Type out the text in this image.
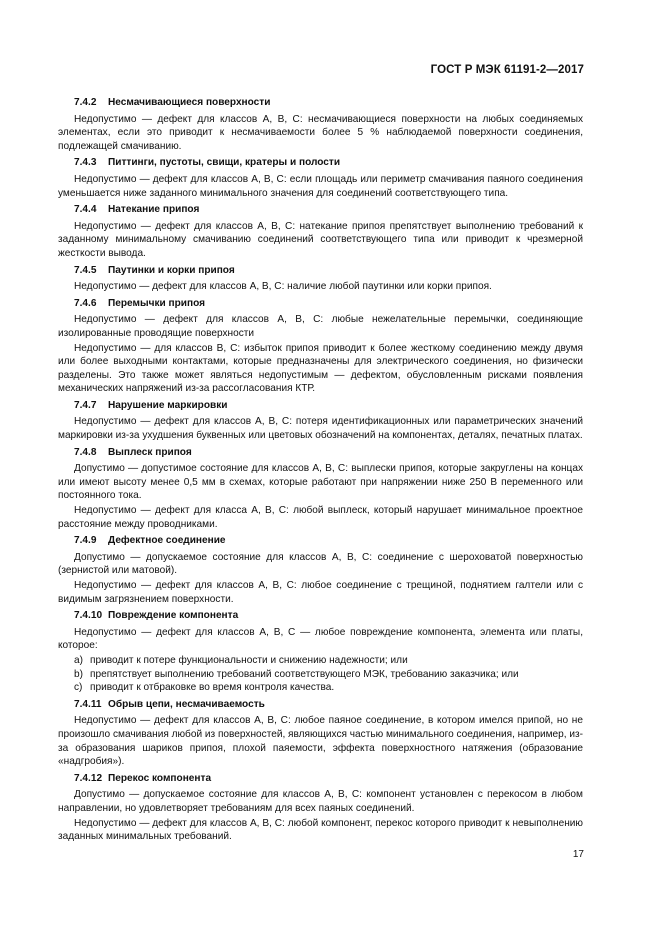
ГОСТ Р МЭК 61191-2—2017
7.4.2 Несмачивающиеся поверхности
Недопустимо — дефект для классов А, В, С: несмачивающиеся поверхности на любых соединяемых элементах, если это приводит к несмачиваемости более 5 % наблюдаемой поверхности соединения, подлежащей смачиванию.
7.4.3 Питтинги, пустоты, свищи, кратеры и полости
Недопустимо — дефект для классов А, В, С: если площадь или периметр смачивания паяного соединения уменьшается ниже заданного минимального значения для соединений соответствующего типа.
7.4.4 Натекание припоя
Недопустимо — дефект для классов А, В, С: натекание припоя препятствует выполнению требований к заданному минимальному смачиванию соединений соответствующего типа или приводит к чрезмерной жесткости вывода.
7.4.5 Паутинки и корки припоя
Недопустимо — дефект для классов А, В, С: наличие любой паутинки или корки припоя.
7.4.6 Перемычки припоя
Недопустимо — дефект для классов А, В, С: любые нежелательные перемычки, соединяющие изолированные проводящие поверхности
Недопустимо — для классов В, С: избыток припоя приводит к более жесткому соединению между двумя или более выходными контактами, которые предназначены для электрического соединения, но физически разделены. Это также может являться недопустимым — дефектом, обусловленным рисками появления механических напряжений из-за рассогласования КТР.
7.4.7 Нарушение маркировки
Недопустимо — дефект для классов А, В, С: потеря идентификационных или параметрических значений маркировки из-за ухудшения буквенных или цветовых обозначений на компонентах, деталях, печатных платах.
7.4.8 Выплеск припоя
Допустимо — допустимое состояние для классов А, В, С: выплески припоя, которые закруглены на концах или имеют высоту менее 0,5 мм в схемах, которые работают при напряжении ниже 250 В переменного или постоянного тока.
Недопустимо — дефект для класса А, В, С: любой выплеск, который нарушает минимальное проектное расстояние между проводниками.
7.4.9 Дефектное соединение
Допустимо — допускаемое состояние для классов А, В, С: соединение с шероховатой поверхностью (зернистой или матовой).
Недопустимо — дефект для классов А, В, С: любое соединение с трещиной, поднятием галтели или с видимым загрязнением поверхности.
7.4.10 Повреждение компонента
Недопустимо — дефект для классов А, В, С — любое повреждение компонента, элемента или платы, которое:
a) приводит к потере функциональности и снижению надежности; или
b) препятствует выполнению требований соответствующего МЭК, требованию заказчика; или
c) приводит к отбраковке во время контроля качества.
7.4.11 Обрыв цепи, несмачиваемость
Недопустимо — дефект для классов А, В, С: любое паяное соединение, в котором имелся припой, но не произошло смачивания любой из поверхностей, являющихся частью минимального соединения, например, из-за образования шариков припоя, плохой паяемости, эффекта поверхностного натяжения (образование «надгробия»).
7.4.12 Перекос компонента
Допустимо — допускаемое состояние для классов А, В, С: компонент установлен с перекосом в любом направлении, но удовлетворяет требованиям для всех паяных соединений.
Недопустимо — дефект для классов А, В, С: любой компонент, перекос которого приводит к невыполнению заданных минимальных требований.
17
